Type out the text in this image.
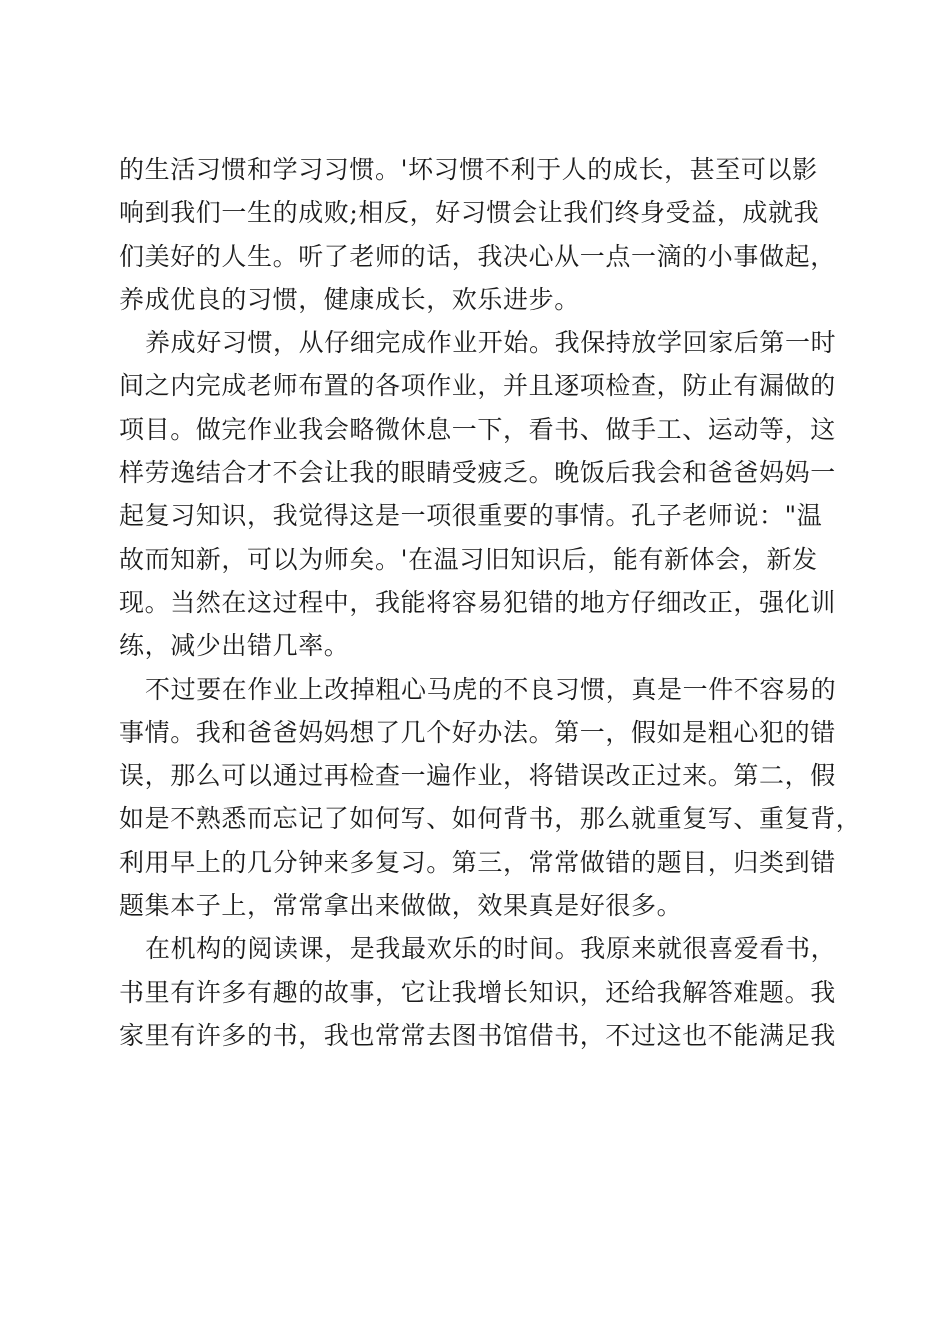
的生活习惯和学习习惯。'坏习惯不利于人的成长，甚至可以影
响到我们一生的成败;相反，好习惯会让我们终身受益，成就我
们美好的人生。听了老师的话，我决心从一点一滴的小事做起，
养成优良的习惯，健康成长，欢乐进步。
养成好习惯，从仔细完成作业开始。我保持放学回家后第一时
间之内完成老师布置的各项作业，并且逐项检查，防止有漏做的
项目。做完作业我会略微休息一下，看书、做手工、运动等，这
样劳逸结合才不会让我的眼睛受疲乏。晚饭后我会和爸爸妈妈一
起复习知识，我觉得这是一项很重要的事情。孔子老师说："温
故而知新，可以为师矣。'在温习旧知识后，能有新体会，新发
现。当然在这过程中，我能将容易犯错的地方仔细改正，强化训
练，减少出错几率。
不过要在作业上改掉粗心马虎的不良习惯，真是一件不容易的
事情。我和爸爸妈妈想了几个好办法。第一，假如是粗心犯的错
误，那么可以通过再检查一遍作业，将错误改正过来。第二，假
如是不熟悉而忘记了如何写、如何背书，那么就重复写、重复背，
利用早上的几分钟来多复习。第三，常常做错的题目，归类到错
题集本子上，常常拿出来做做，效果真是好很多。
在机构的阅读课，是我最欢乐的时间。我原来就很喜爱看书，
书里有许多有趣的故事，它让我增长知识，还给我解答难题。我
家里有许多的书，我也常常去图书馆借书，不过这也不能满足我
